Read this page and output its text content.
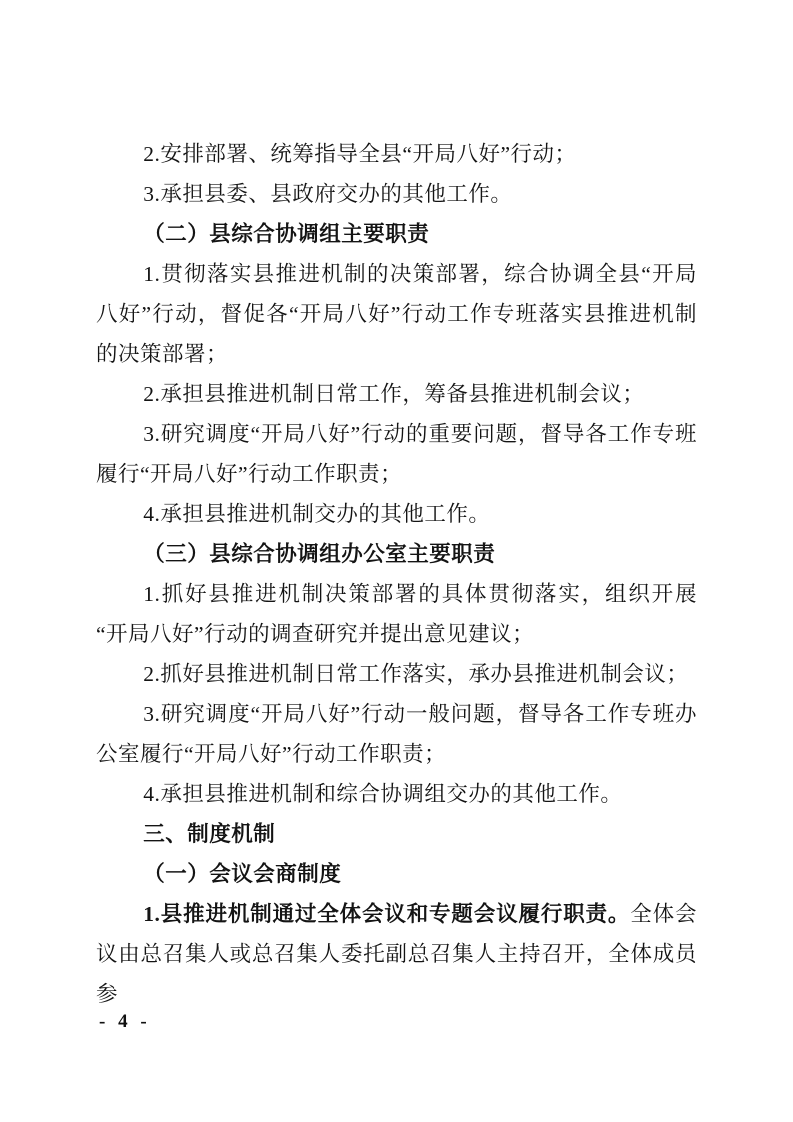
2.安排部署、统筹指导全县“开局八好”行动；

3.承担县委、县政府交办的其他工作。

（二）县综合协调组主要职责

1.贯彻落实县推进机制的决策部署，综合协调全县“开局八好”行动，督促各“开局八好”行动工作专班落实县推进机制的决策部署；

2.承担县推进机制日常工作，筹备县推进机制会议；

3.研究调度“开局八好”行动的重要问题，督导各工作专班履行“开局八好”行动工作职责；

4.承担县推进机制交办的其他工作。

（三）县综合协调组办公室主要职责

1.抓好县推进机制决策部署的具体贯彻落实，组织开展“开局八好”行动的调查研究并提出意见建议；

2.抓好县推进机制日常工作落实，承办县推进机制会议；

3.研究调度“开局八好”行动一般问题，督导各工作专班办公室履行“开局八好”行动工作职责；

4.承担县推进机制和综合协调组交办的其他工作。

三、制度机制

（一）会议会商制度

1.县推进机制通过全体会议和专题会议履行职责。全体会议由总召集人或总召集人委托副总召集人主持召开，全体成员参

- 4 -
